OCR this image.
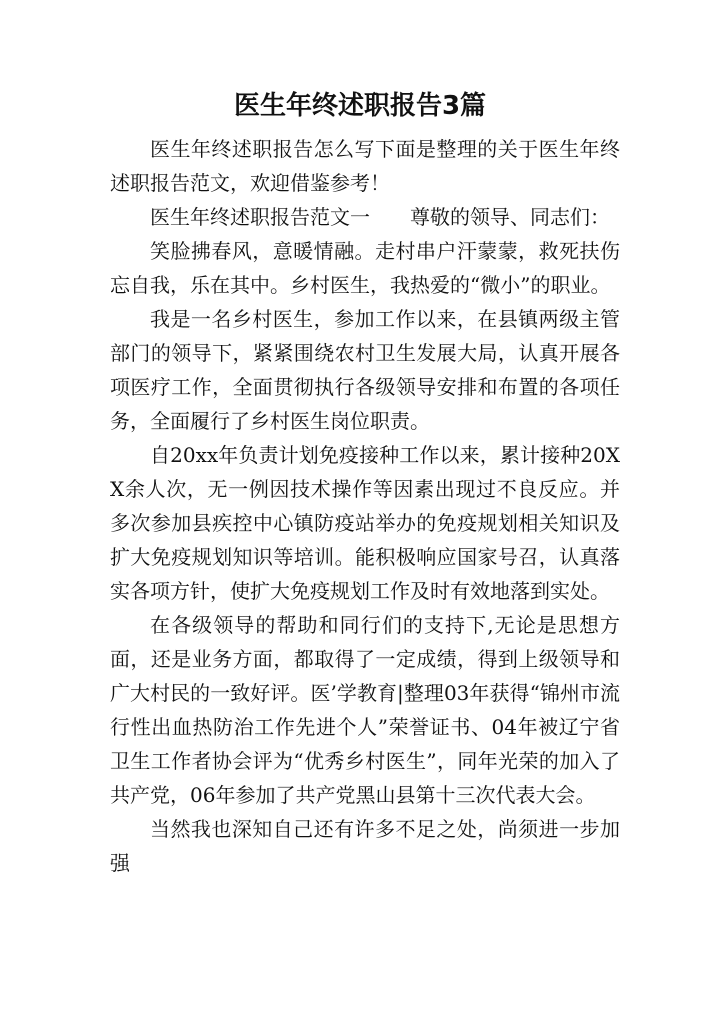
医生年终述职报告3篇

医生年终述职报告怎么写下面是整理的关于医生年终述职报告范文，欢迎借鉴参考！

医生年终述职报告范文一 尊敬的领导、同志们：

笑脸拂春风，意暖情融。走村串户汗蒙蒙，救死扶伤忘自我，乐在其中。乡村医生，我热爱的“微小”的职业。

我是一名乡村医生，参加工作以来，在县镇两级主管部门的领导下，紧紧围绕农村卫生发展大局，认真开展各项医疗工作，全面贯彻执行各级领导安排和布置的各项任务，全面履行了乡村医生岗位职责。

自20xx年负责计划免疫接种工作以来，累计接种20XX余人次，无一例因技术操作等因素出现过不良反应。并多次参加县疾控中心镇防疫站举办的免疫规划相关知识及扩大免疫规划知识等培训。能积极响应国家号召，认真落实各项方针，使扩大免疫规划工作及时有效地落到实处。

在各级领导的帮助和同行们的支持下,无论是思想方面，还是业务方面，都取得了一定成绩，得到上级领导和广大村民的一致好评。医’学教育|整理03年获得“锦州市流行性出血热防治工作先进个人”荣誉证书、04年被辽宁省卫生工作者协会评为“优秀乡村医生”，同年光荣的加入了共产党，06年参加了共产党黑山县第十三次代表大会。

当然我也深知自己还有许多不足之处，尚须进一步加强
